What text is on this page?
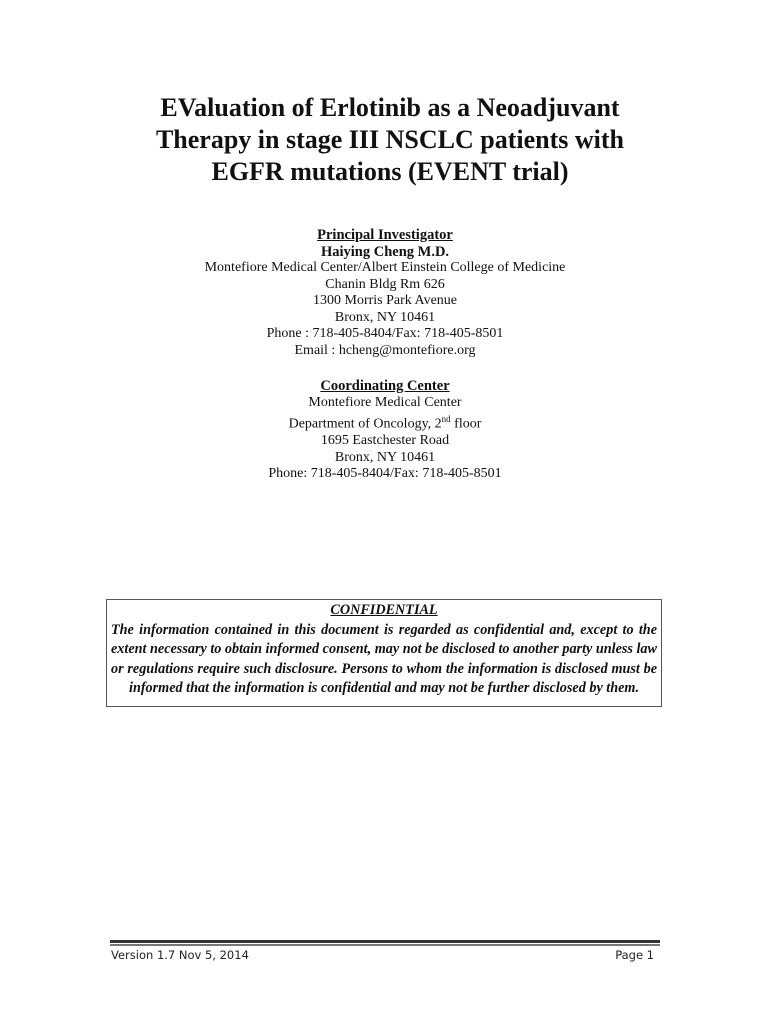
EValuation of Erlotinib as a Neoadjuvant
Therapy in stage III NSCLC patients with
EGFR mutations (EVENT trial)
Principal Investigator
Haiying Cheng M.D.
Montefiore Medical Center/Albert Einstein College of Medicine
Chanin Bldg Rm 626
1300 Morris Park Avenue
Bronx, NY 10461
Phone : 718-405-8404/Fax: 718-405-8501
Email : hcheng@montefiore.org
Coordinating Center
Montefiore Medical Center
Department of Oncology, 2nd floor
1695 Eastchester Road
Bronx, NY 10461
Phone: 718-405-8404/Fax: 718-405-8501
CONFIDENTIAL
The information contained in this document is regarded as confidential and, except to the extent necessary to obtain informed consent, may not be disclosed to another party unless law or regulations require such disclosure. Persons to whom the information is disclosed must be informed that the information is confidential and may not be further disclosed by them.
Version 1.7 Nov 5, 2014	Page 1
